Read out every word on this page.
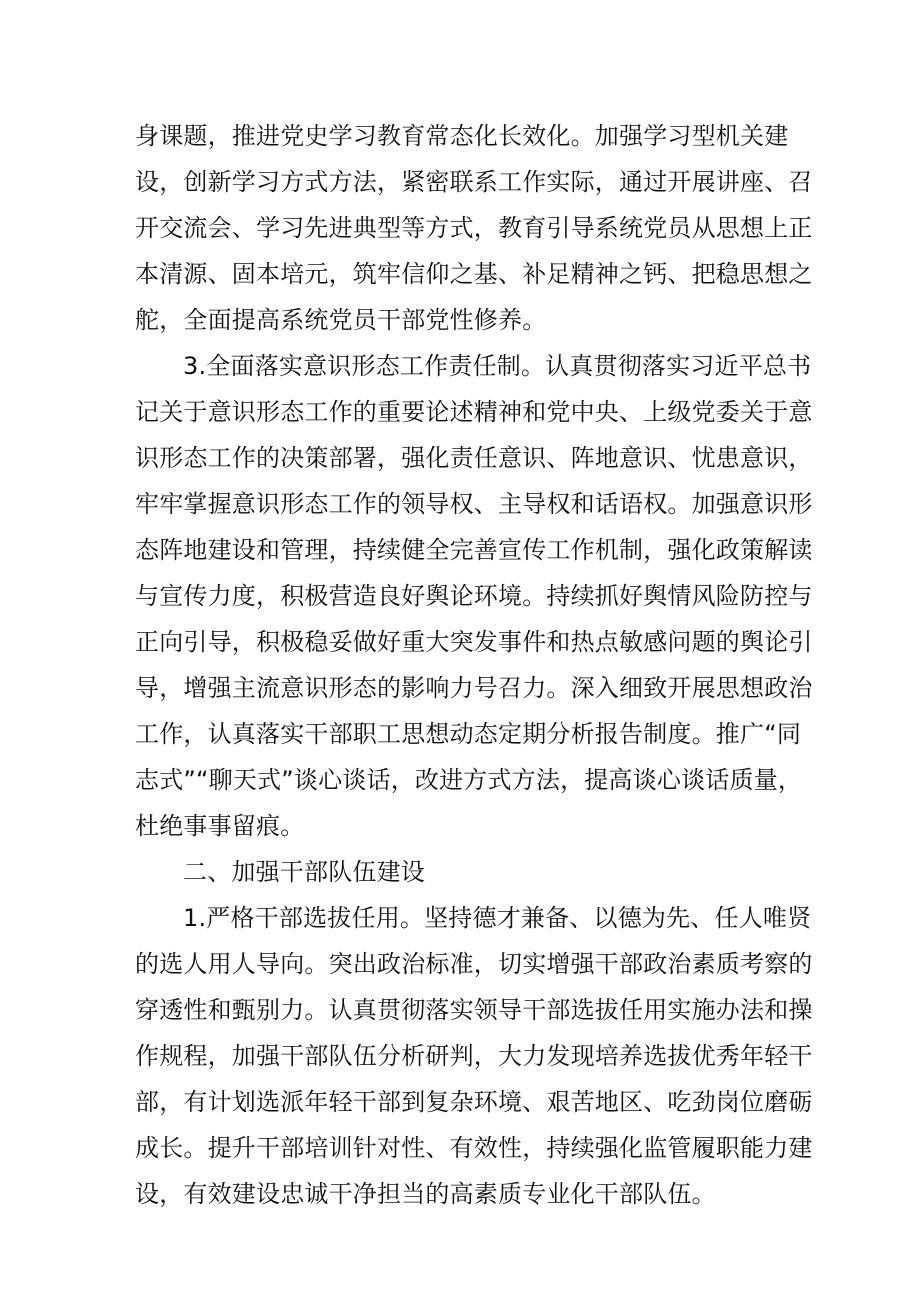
身课题，推进党史学习教育常态化长效化。加强学习型机关建
设，创新学习方式方法，紧密联系工作实际，通过开展讲座、召
开交流会、学习先进典型等方式，教育引导系统党员从思想上正
本清源、固本培元，筑牢信仰之基、补足精神之钙、把稳思想之
舵，全面提高系统党员干部党性修养。
3.全面落实意识形态工作责任制。认真贯彻落实习近平总书
记关于意识形态工作的重要论述精神和党中央、上级党委关于意
识形态工作的决策部署，强化责任意识、阵地意识、忧患意识，
牢牢掌握意识形态工作的领导权、主导权和话语权。加强意识形
态阵地建设和管理，持续健全完善宣传工作机制，强化政策解读
与宣传力度，积极营造良好舆论环境。持续抓好舆情风险防控与
正向引导，积极稳妥做好重大突发事件和热点敏感问题的舆论引
导，增强主流意识形态的影响力号召力。深入细致开展思想政治
工作，认真落实干部职工思想动态定期分析报告制度。推广“同
志式”“聊天式”谈心谈话，改进方式方法，提高谈心谈话质量，
杜绝事事留痕。
二、加强干部队伍建设
1.严格干部选拔任用。坚持德才兼备、以德为先、任人唯贤
的选人用人导向。突出政治标准，切实增强干部政治素质考察的
穿透性和甄别力。认真贯彻落实领导干部选拔任用实施办法和操
作规程，加强干部队伍分析研判，大力发现培养选拔优秀年轻干
部，有计划选派年轻干部到复杂环境、艰苦地区、吃劲岗位磨砺
成长。提升干部培训针对性、有效性，持续强化监管履职能力建
设，有效建设忠诚干净担当的高素质专业化干部队伍。
